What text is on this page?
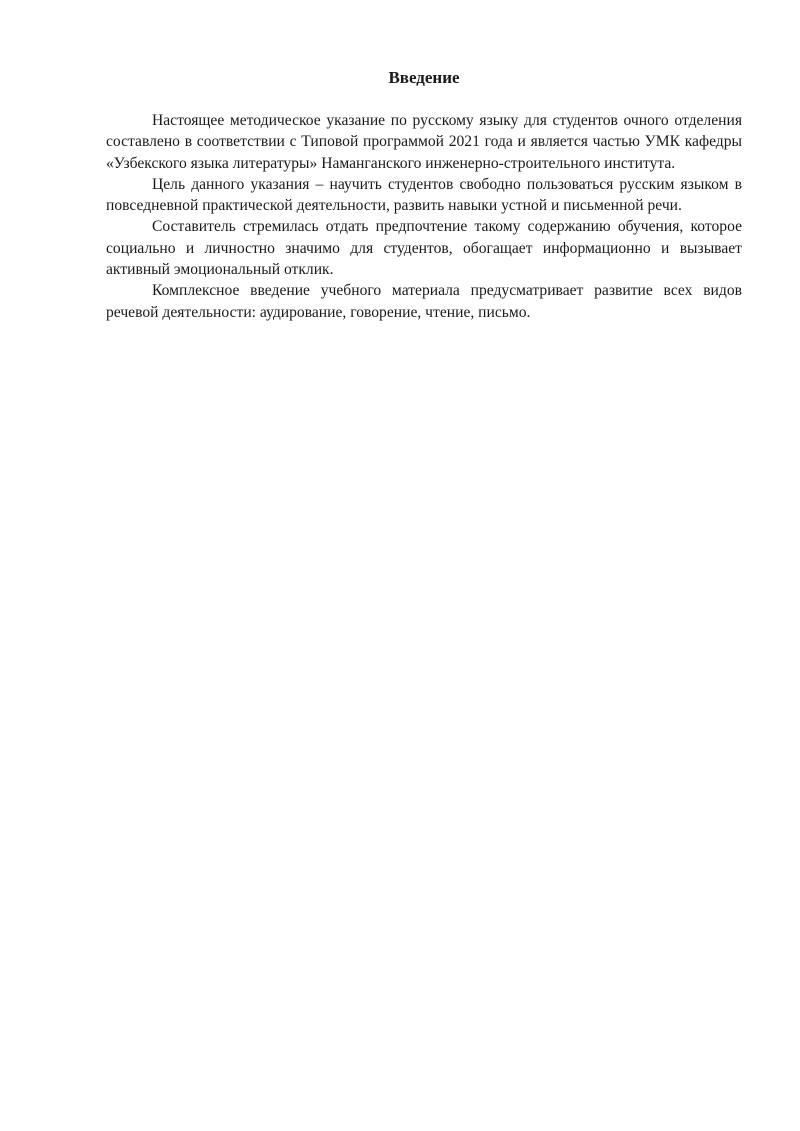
Введение

Настоящее методическое указание по русскому языку для студентов очного отделения составлено в соответствии с Типовой программой 2021 года и является частью УМК кафедры «Узбекского языка литературы» Наманганского инженерно-строительного института.

Цель данного указания – научить студентов свободно пользоваться русским языком в повседневной практической деятельности, развить навыки устной и письменной речи.

Составитель стремилась отдать предпочтение такому содержанию обучения, которое социально и личностно значимо для студентов, обогащает информационно и вызывает активный эмоциональный отклик.

Комплексное введение учебного материала предусматривает развитие всех видов речевой деятельности: аудирование, говорение, чтение, письмо.
